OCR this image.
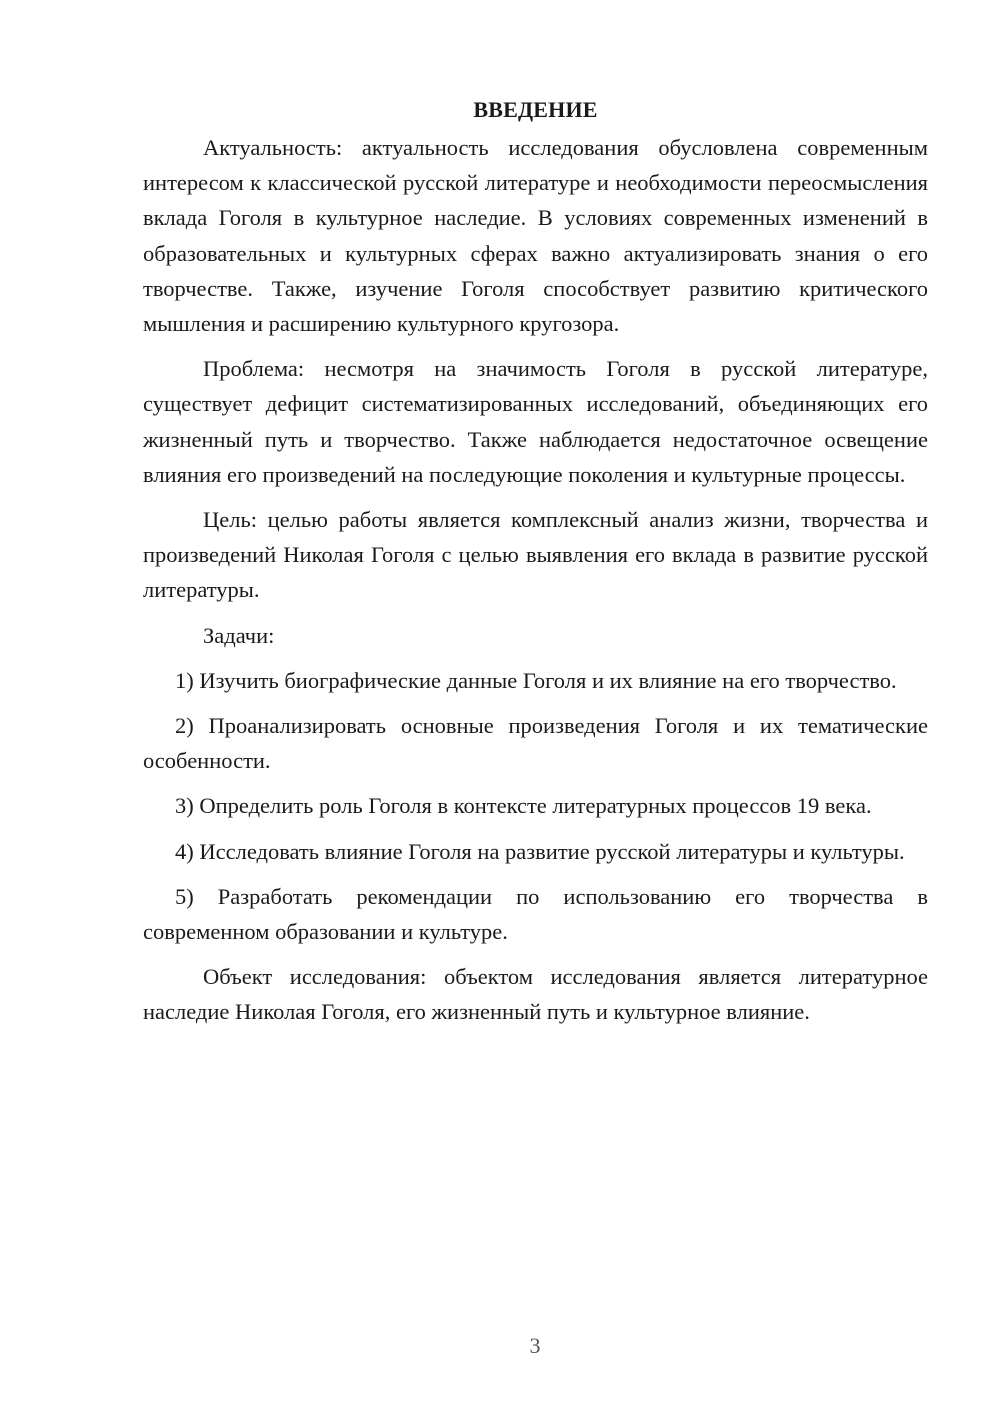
ВВЕДЕНИЕ

Актуальность: актуальность исследования обусловлена современным интересом к классической русской литературе и необходимости переосмысления вклада Гоголя в культурное наследие. В условиях современных изменений в образовательных и культурных сферах важно актуализировать знания о его творчестве. Также, изучение Гоголя способствует развитию критического мышления и расширению культурного кругозора.

Проблема: несмотря на значимость Гоголя в русской литературе, существует дефицит систематизированных исследований, объединяющих его жизненный путь и творчество. Также наблюдается недостаточное освещение влияния его произведений на последующие поколения и культурные процессы.

Цель: целью работы является комплексный анализ жизни, творчества и произведений Николая Гоголя с целью выявления его вклада в развитие русской литературы.

Задачи:

1) Изучить биографические данные Гоголя и их влияние на его творчество.

2) Проанализировать основные произведения Гоголя и их тематические особенности.

3) Определить роль Гоголя в контексте литературных процессов 19 века.

4) Исследовать влияние Гоголя на развитие русской литературы и культуры.

5) Разработать рекомендации по использованию его творчества в современном образовании и культуре.

Объект исследования: объектом исследования является литературное наследие Николая Гоголя, его жизненный путь и культурное влияние.

3
